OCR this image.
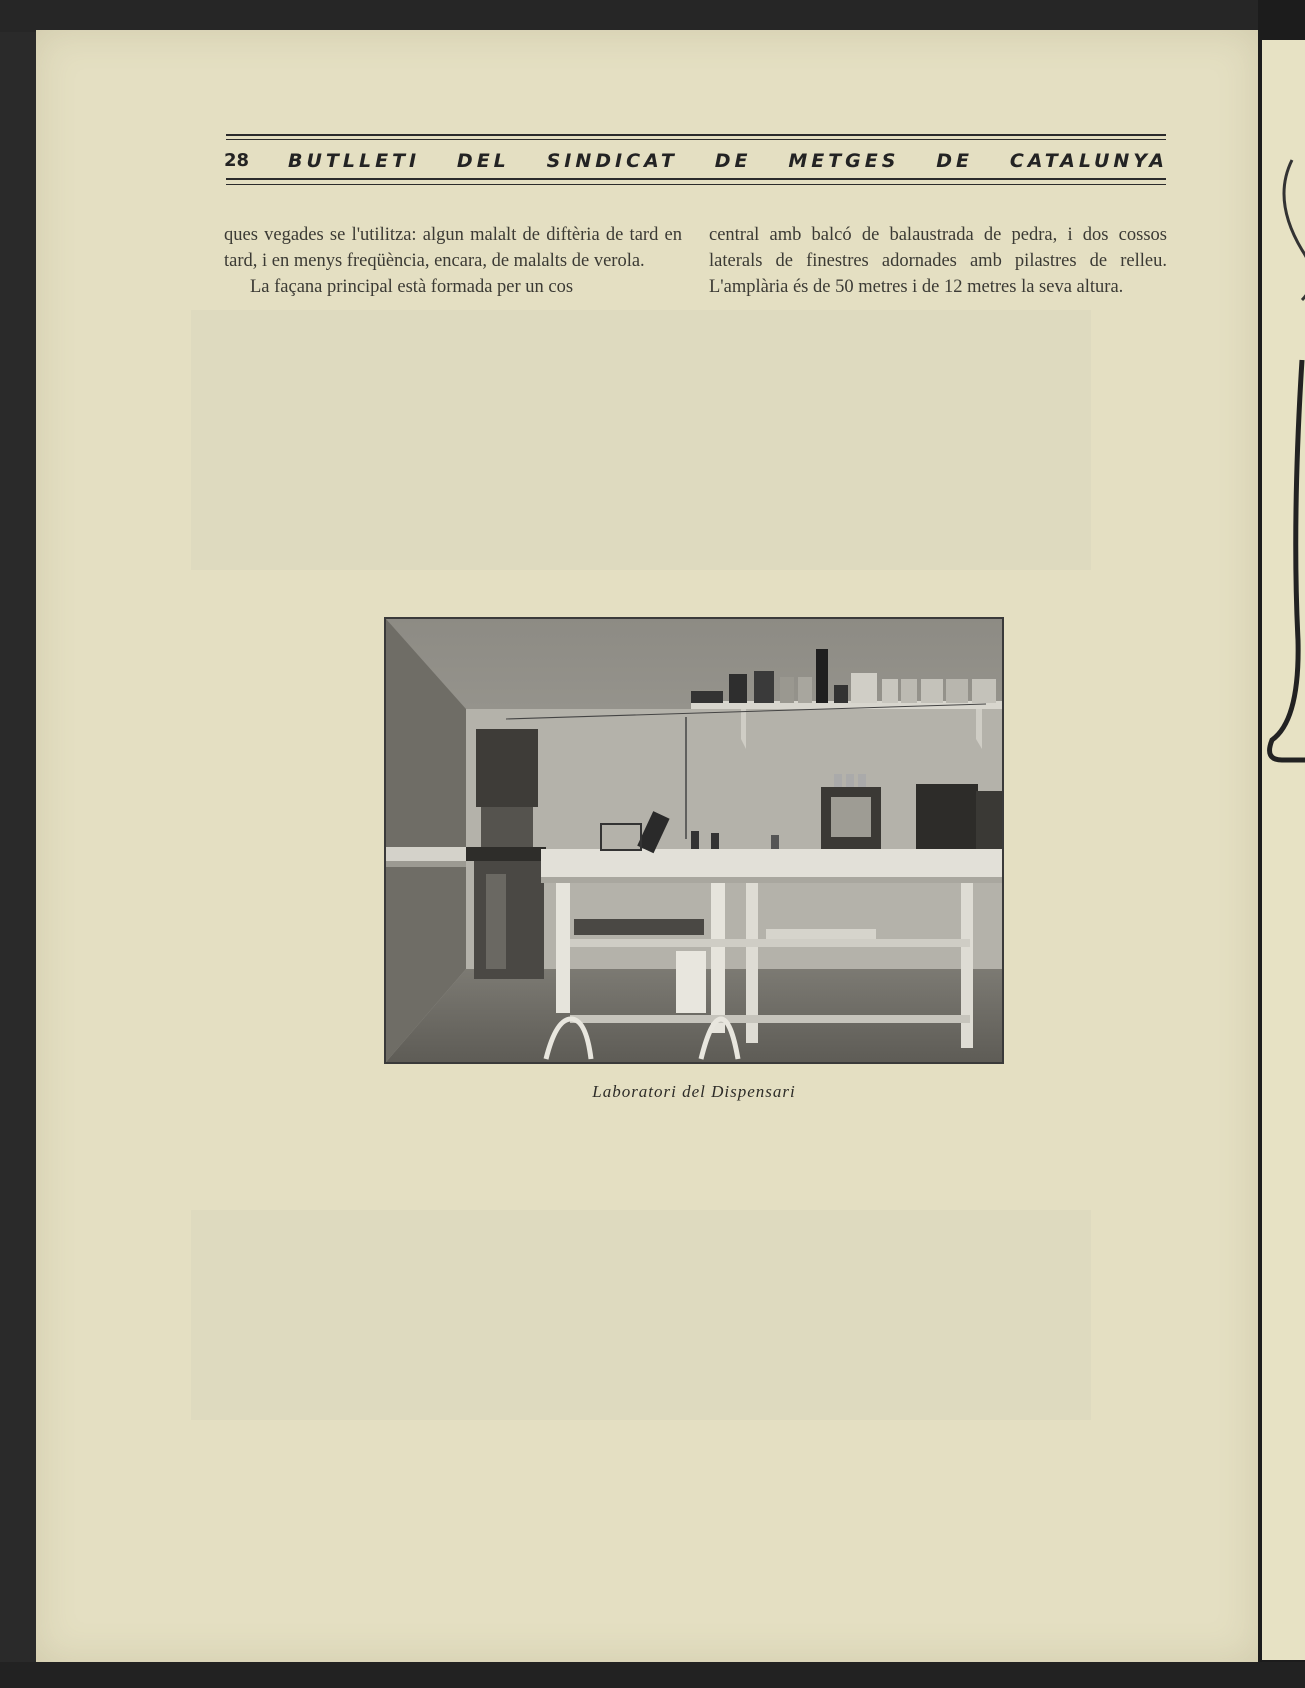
28 BUTLLETI DEL SINDICAT DE METGES DE CATALUNYA

ques vegades se l'utilitza: algun malalt de diftèria de tard en tard, i en menys freqüència, encara, de malalts de verola.

La façana principal està formada per un cos

central amb balcó de balaustrada de pedra, i dos cossos laterals de finestres adornades amb pilastres de relleu. L'amplària és de 50 metres i de 12 metres la seva altura.

Laboratori del Dispensari
